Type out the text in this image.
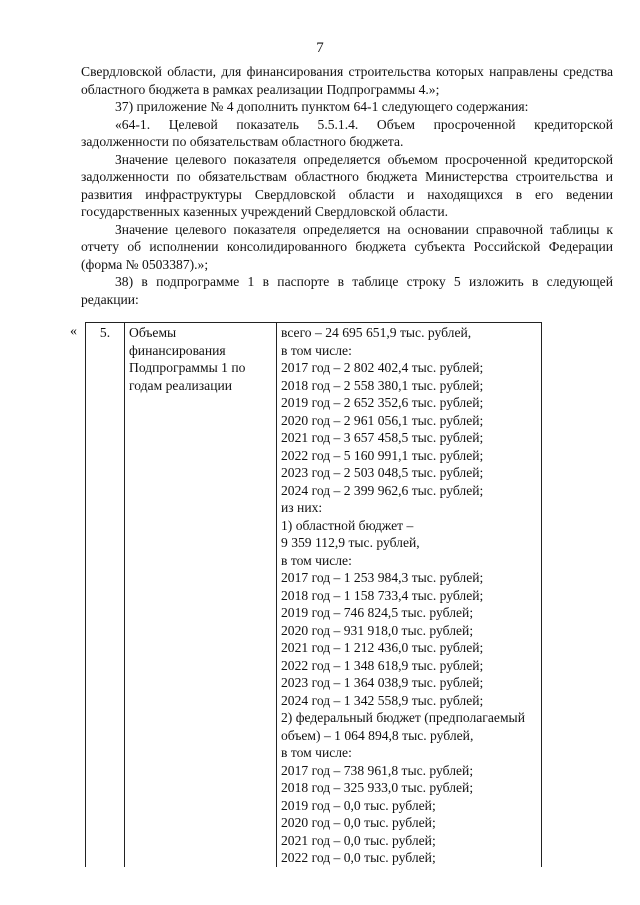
7

Свердловской области, для финансирования строительства которых направлены средства областного бюджета в рамках реализации Подпрограммы 4.»;

37) приложение № 4 дополнить пунктом 64-1 следующего содержания:

«64-1. Целевой показатель 5.5.1.4. Объем просроченной кредиторской задолженности по обязательствам областного бюджета.

Значение целевого показателя определяется объемом просроченной кредиторской задолженности по обязательствам областного бюджета Министерства строительства и развития инфраструктуры Свердловской области и находящихся в его ведении государственных казенных учреждений Свердловской области.

Значение целевого показателя определяется на основании справочной таблицы к отчету об исполнении консолидированного бюджета субъекта Российской Федерации (форма № 0503387).»;

38) в подпрограмме 1 в паспорте в таблице строку 5 изложить в следующей редакции:

« 5.	Объемы финансирования Подпрограммы 1 по годам реализации	
всего – 24 695 651,9 тыс. рублей,
в том числе:
2017 год – 2 802 402,4 тыс. рублей;
2018 год – 2 558 380,1 тыс. рублей;
2019 год – 2 652 352,6 тыс. рублей;
2020 год – 2 961 056,1 тыс. рублей;
2021 год – 3 657 458,5 тыс. рублей;
2022 год – 5 160 991,1 тыс. рублей;
2023 год – 2 503 048,5 тыс. рублей;
2024 год – 2 399 962,6 тыс. рублей;
из них:
1) областной бюджет –
9 359 112,9 тыс. рублей,
в том числе:
2017 год – 1 253 984,3 тыс. рублей;
2018 год – 1 158 733,4 тыс. рублей;
2019 год – 746 824,5 тыс. рублей;
2020 год – 931 918,0 тыс. рублей;
2021 год – 1 212 436,0 тыс. рублей;
2022 год – 1 348 618,9 тыс. рублей;
2023 год – 1 364 038,9 тыс. рублей;
2024 год – 1 342 558,9 тыс. рублей;
2) федеральный бюджет (предполагаемый
объем) – 1 064 894,8 тыс. рублей,
в том числе:
2017 год – 738 961,8 тыс. рублей;
2018 год – 325 933,0 тыс. рублей;
2019 год – 0,0 тыс. рублей;
2020 год – 0,0 тыс. рублей;
2021 год – 0,0 тыс. рублей;
2022 год – 0,0 тыс. рублей;
